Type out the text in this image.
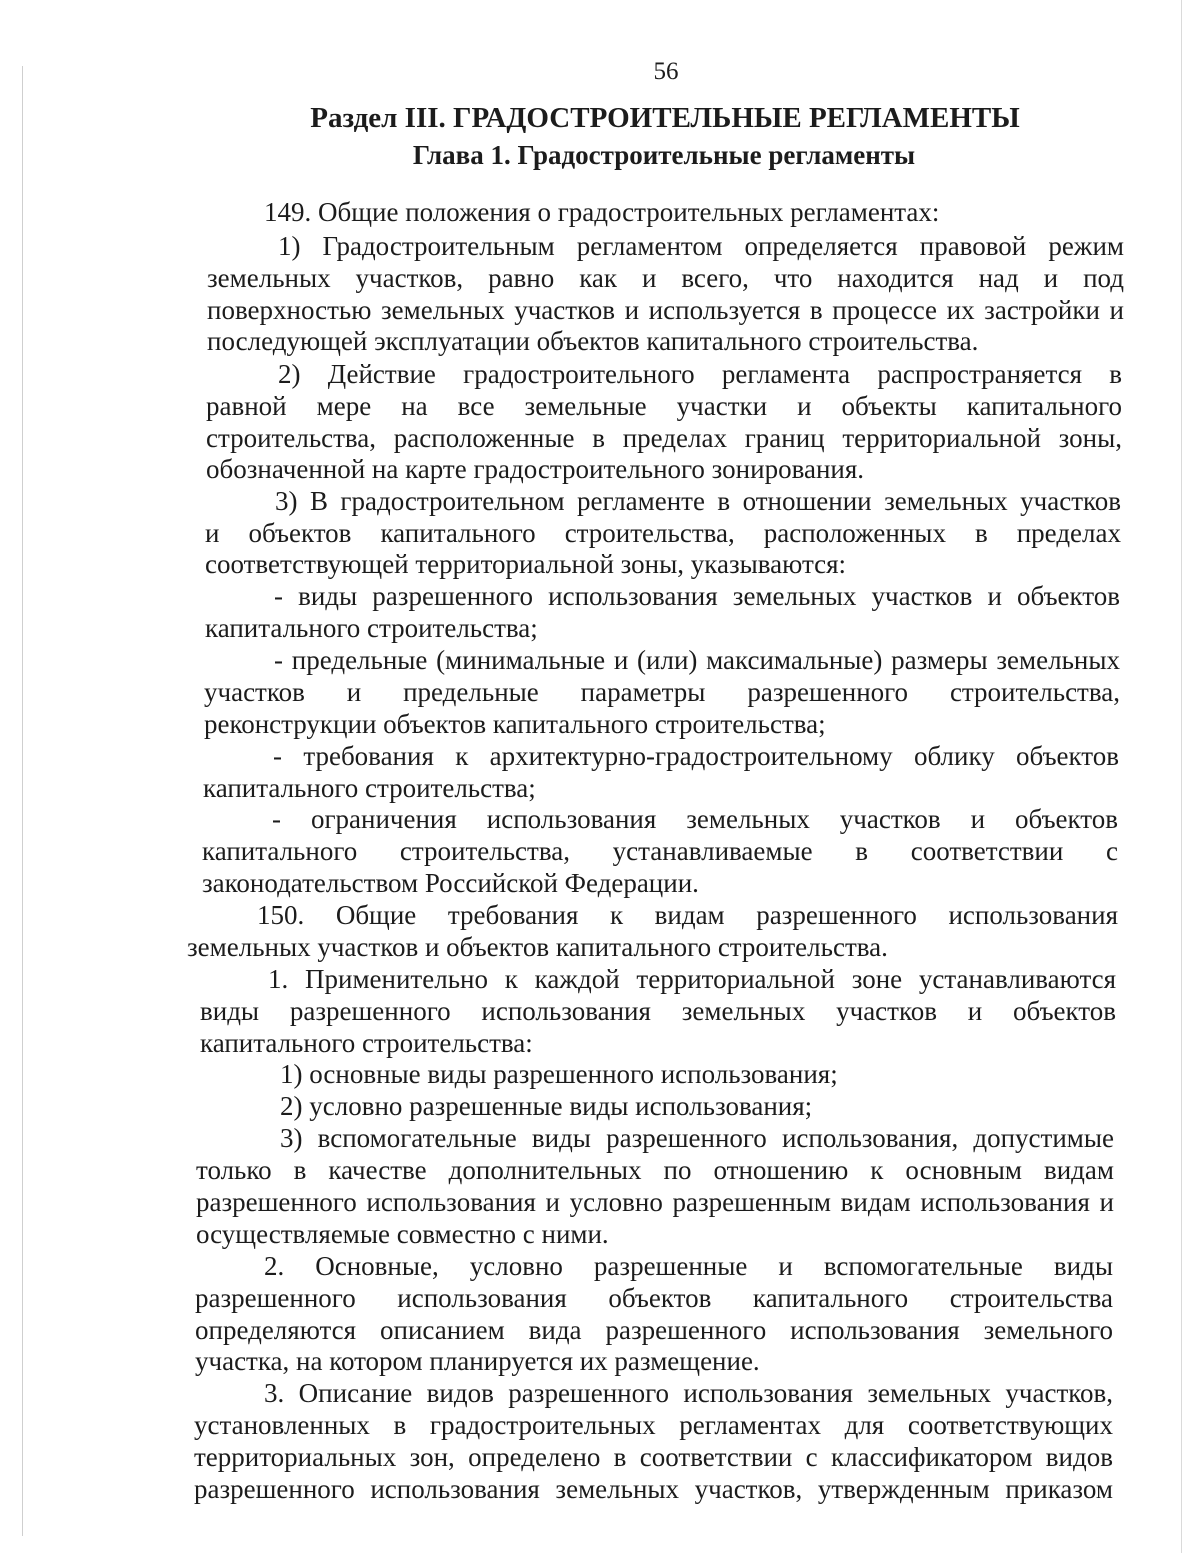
56
Раздел III. ГРАДОСТРОИТЕЛЬНЫЕ РЕГЛАМЕНТЫ
Глава 1. Градостроительные регламенты
149. Общие положения о градостроительных регламентах:
1) Градостроительным регламентом определяется правовой режим
земельных участков, равно как и всего, что находится над и под
поверхностью земельных участков и используется в процессе их застройки и
последующей эксплуатации объектов капитального строительства.
2) Действие градостроительного регламента распространяется в
равной мере на все земельные участки и объекты капитального
строительства, расположенные в пределах границ территориальной зоны,
обозначенной на карте градостроительного зонирования.
3) В градостроительном регламенте в отношении земельных участков
и объектов капитального строительства, расположенных в пределах
соответствующей территориальной зоны, указываются:
- виды разрешенного использования земельных участков и объектов
капитального строительства;
- предельные (минимальные и (или) максимальные) размеры земельных
участков и предельные параметры разрешенного строительства,
реконструкции объектов капитального строительства;
- требования к архитектурно-градостроительному облику объектов
капитального строительства;
- ограничения использования земельных участков и объектов
капитального строительства, устанавливаемые в соответствии с
законодательством Российской Федерации.
150. Общие требования к видам разрешенного использования
земельных участков и объектов капитального строительства.
1. Применительно к каждой территориальной зоне устанавливаются
виды разрешенного использования земельных участков и объектов
капитального строительства:
1) основные виды разрешенного использования;
2) условно разрешенные виды использования;
3) вспомогательные виды разрешенного использования, допустимые
только в качестве дополнительных по отношению к основным видам
разрешенного использования и условно разрешенным видам использования и
осуществляемые совместно с ними.
2. Основные, условно разрешенные и вспомогательные виды
разрешенного использования объектов капитального строительства
определяются описанием вида разрешенного использования земельного
участка, на котором планируется их размещение.
3. Описание видов разрешенного использования земельных участков,
установленных в градостроительных регламентах для соответствующих
территориальных зон, определено в соответствии с классификатором видов
разрешенного использования земельных участков, утвержденным приказом
